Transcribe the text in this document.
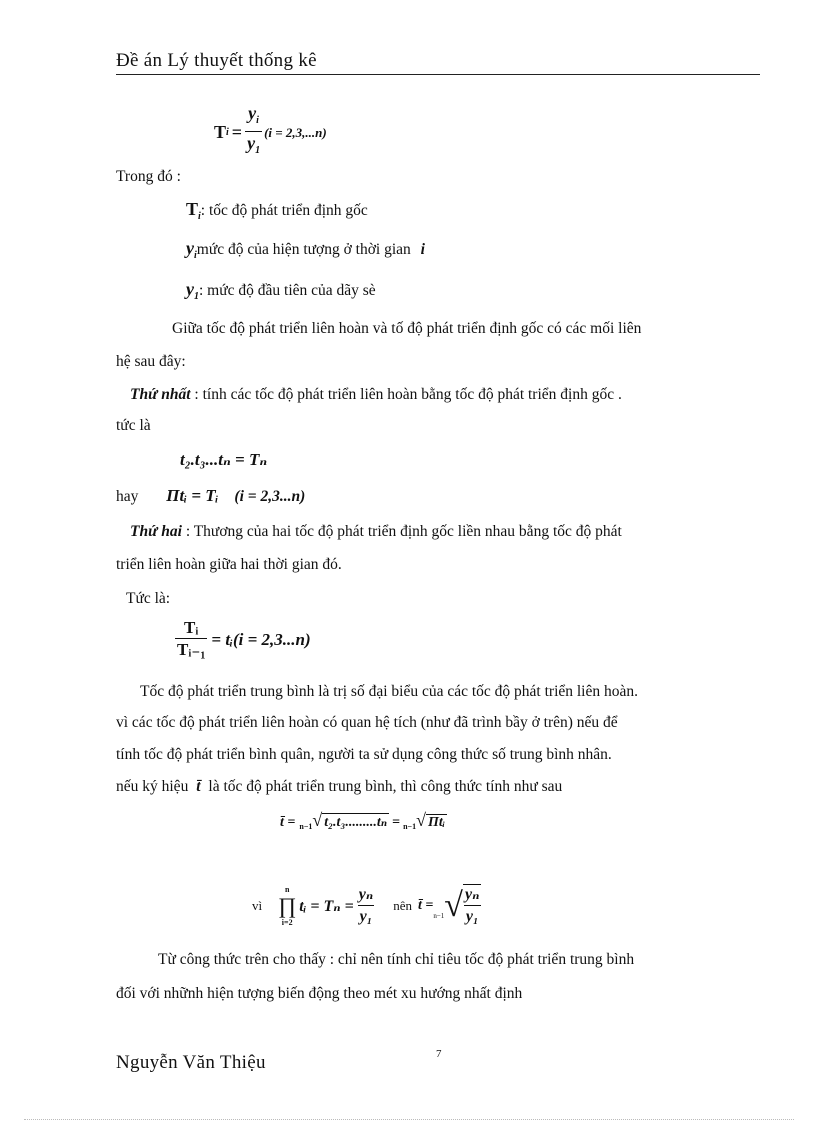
Đề án Lý thuyết thống kê
T $i = \frac{y_i}{y_1} (i = 2,3,...n)$
Trong đó :
$T_i$: tốc độ phát triển định gốc
$y_imức$ độ của hiện tượng ở thời gian i
$y_1$: mức độ đầu tiên của dãy sè
Giữa tốc độ phát triển liên hoàn và tố độ phát triển định gốc có các mối liên
hệ sau đây:
Thứ nhất : tính các tốc độ phát triển liên hoàn bằng tốc độ phát triển định gốc .
tức là
t₂.t₃...tₙ = Tₙ
hay Πtᵢ = Tᵢ (i = 2,3...n)
Thứ hai : Thương của hai tốc độ phát triển định gốc liền nhau bằng tốc độ phát
triển liên hoàn giữa hai thời gian đó.
Tức là:
$\frac{\text{Tᵢ}}{\text{Tᵢ₋₁}}$ = tᵢ(i = 2,3...n)
Tốc độ phát triển trung bình là trị số đại biểu của các tốc độ phát triển liên hoàn.
vì các tốc độ phát triển liên hoàn có quan hệ tích (như đã trình bầy ở trên) nếu để
tính tốc độ phát triển bình quân, người ta sử dụng công thức số trung bình nhân.
nếu ký hiệu t̄ là tốc độ phát triển trung bình, thì công thức tính như sau
t̄ = n−1 √ t₂.t₃.........tₙ = n−1 √ Πtᵢ
vì
n
∏
i=2
tᵢ = $T_n = \frac{\text{yₙ}}{\text{y₁}}$ nên t̄ =
n−1 √ $\frac{\text{yₙ}}{\text{y₁}}$
Từ công thức trên cho thấy : chỉ nên tính chỉ tiêu tốc độ phát triển trung bình
đối với nhữnh hiện tượng biến động theo mét xu hướng nhất định
Nguyễn Văn Thiệu	7
